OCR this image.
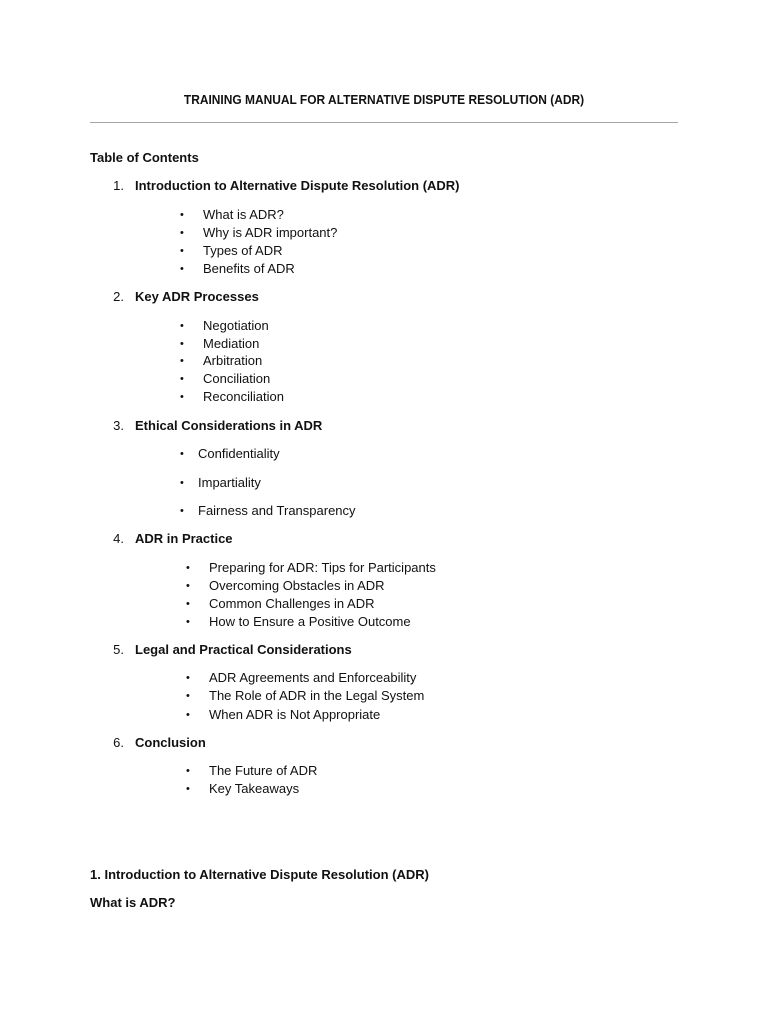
TRAINING MANUAL FOR ALTERNATIVE DISPUTE RESOLUTION (ADR)
Table of Contents
1. Introduction to Alternative Dispute Resolution (ADR)
• What is ADR?
• Why is ADR important?
• Types of ADR
• Benefits of ADR
2. Key ADR Processes
• Negotiation
• Mediation
• Arbitration
• Conciliation
• Reconciliation
3. Ethical Considerations in ADR
• Confidentiality
• Impartiality
• Fairness and Transparency
4. ADR in Practice
• Preparing for ADR: Tips for Participants
• Overcoming Obstacles in ADR
• Common Challenges in ADR
• How to Ensure a Positive Outcome
5. Legal and Practical Considerations
• ADR Agreements and Enforceability
• The Role of ADR in the Legal System
• When ADR is Not Appropriate
6. Conclusion
• The Future of ADR
• Key Takeaways
1. Introduction to Alternative Dispute Resolution (ADR)
What is ADR?
